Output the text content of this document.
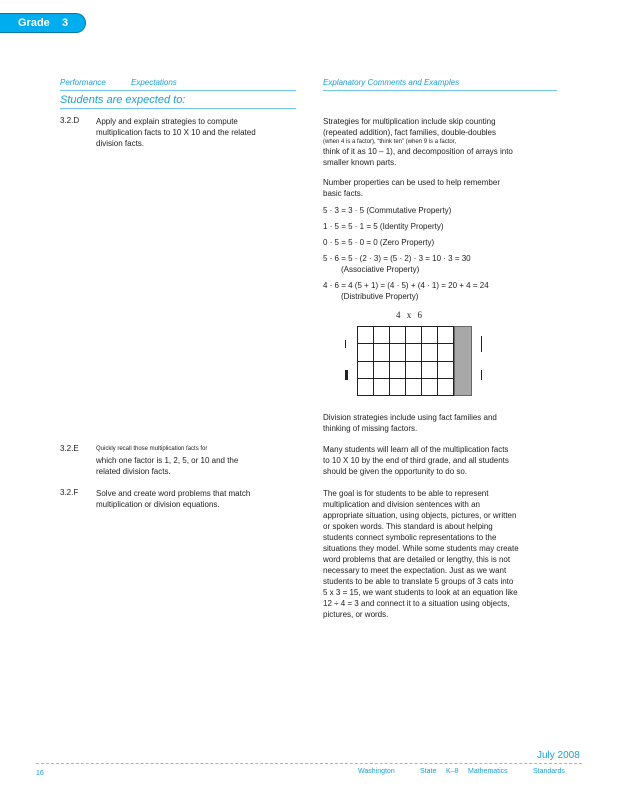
Grade 3
Performance	Expectations	Explanatory Comments and Examples
Students are expected to:
3.2.D Apply and explain strategies to compute
multiplication facts to 10 X 10 and the related
division facts.
Strategies for multiplication include skip counting
(repeated addition), fact families, double-doubles
(when 4 is a factor), “think ten” (when 9 is a factor,
think of it as 10 – 1), and decomposition of arrays into
smaller known parts.
Number properties can be used to help remember
basic facts.
5 · 3 = 3 · 5 (Commutative Property)
1 · 5 = 5 · 1 = 5 (Identity Property)
0 · 5 = 5 · 0 = 0 (Zero Property)
5 · 6 = 5 · (2 · 3) = (5 · 2) · 3 = 10 · 3 = 30
(Associative Property)
4 · 6 = 4 (5 + 1) = (4 · 5) + (4 · 1) = 20 + 4 = 24
(Distributive Property)
4 x 6
Division strategies include using fact families and
thinking of missing factors.
3.2.E	Quickly recall those multiplication facts for
which one factor is 1, 2, 5, or 10 and the
related division facts.
Many students will learn all of the multiplication facts
to 10 X 10 by the end of third grade, and all students
should be given the opportunity to do so.
3.2.F Solve and create word problems that match
multiplication or division equations.
The goal is for students to be able to represent
multiplication and division sentences with an
appropriate situation, using objects, pictures, or written
or spoken words. This standard is about helping
students connect symbolic representations to the
situations they model. While some students may create
word problems that are detailed or lengthy, this is not
necessary to meet the expectation. Just as we want
students to be able to translate 5 groups of 3 cats into
5 x 3 = 15, we want students to look at an equation like
12 ÷ 4 = 3 and connect it to a situation using objects,
pictures, or words.
July 2008
16	Washington	State K–8 Mathematics	Standards
